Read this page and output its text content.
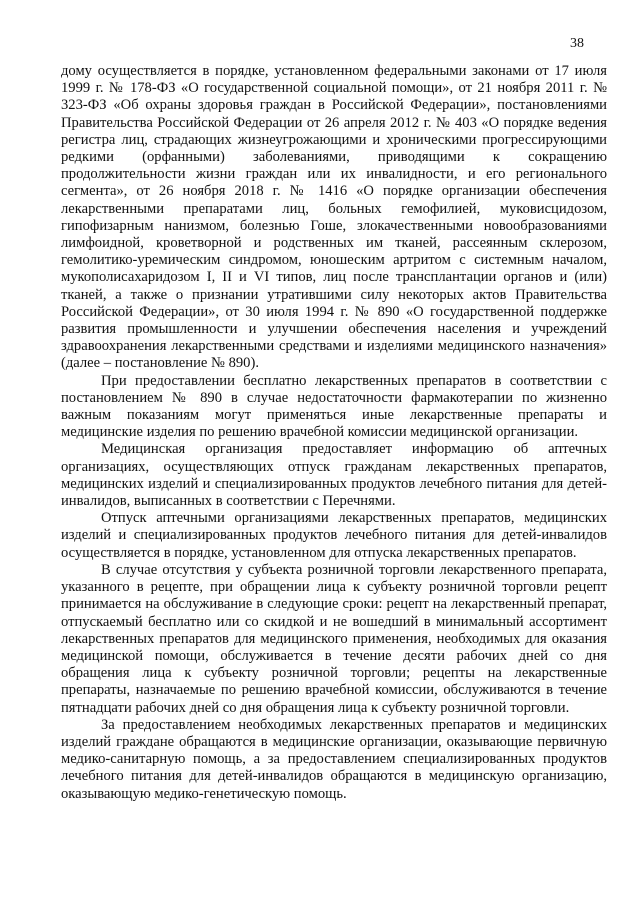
38

дому осуществляется в порядке, установленном федеральными законами от 17 июля 1999 г. № 178-ФЗ «О государственной социальной помощи», от 21 ноября 2011 г. № 323-ФЗ «Об охраны здоровья граждан в Российской Федерации», постановлениями Правительства Российской Федерации от 26 апреля 2012 г. № 403 «О порядке ведения регистра лиц, страдающих жизнеугрожающими и хроническими прогрессирующими редкими (орфанными) заболеваниями, приводящими к сокращению продолжительности жизни граждан или их инвалидности, и его регионального сегмента», от 26 ноября 2018 г. № 1416 «О порядке организации обеспечения лекарственными препаратами лиц, больных гемофилией, муковисцидозом, гипофизарным нанизмом, болезнью Гоше, злокачественными новообразованиями лимфоидной, кроветворной и родственных им тканей, рассеянным склерозом, гемолитико-уремическим синдромом, юношеским артритом с системным началом, мукополисахаридозом I, II и VI типов, лиц после трансплантации органов и (или) тканей, а также о признании утратившими силу некоторых актов Правительства Российской Федерации», от 30 июля 1994 г. № 890 «О государственной поддержке развития промышленности и улучшении обеспечения населения и учреждений здравоохранения лекарственными средствами и изделиями медицинского назначения» (далее – постановление № 890).

При предоставлении бесплатно лекарственных препаратов в соответствии с постановлением № 890 в случае недостаточности фармакотерапии по жизненно важным показаниям могут применяться иные лекарственные препараты и медицинские изделия по решению врачебной комиссии медицинской организации.

Медицинская организация предоставляет информацию об аптечных организациях, осуществляющих отпуск гражданам лекарственных препаратов, медицинских изделий и специализированных продуктов лечебного питания для детей-инвалидов, выписанных в соответствии с Перечнями.

Отпуск аптечными организациями лекарственных препаратов, медицинских изделий и специализированных продуктов лечебного питания для детей-инвалидов осуществляется в порядке, установленном для отпуска лекарственных препаратов.

В случае отсутствия у субъекта розничной торговли лекарственного препарата, указанного в рецепте, при обращении лица к субъекту розничной торговли рецепт принимается на обслуживание в следующие сроки: рецепт на лекарственный препарат, отпускаемый бесплатно или со скидкой и не вошедший в минимальный ассортимент лекарственных препаратов для медицинского применения, необходимых для оказания медицинской помощи, обслуживается в течение десяти рабочих дней со дня обращения лица к субъекту розничной торговли; рецепты на лекарственные препараты, назначаемые по решению врачебной комиссии, обслуживаются в течение пятнадцати рабочих дней со дня обращения лица к субъекту розничной торговли.

За предоставлением необходимых лекарственных препаратов и медицинских изделий граждане обращаются в медицинские организации, оказывающие первичную медико-санитарную помощь, а за предоставлением специализированных продуктов лечебного питания для детей-инвалидов обращаются в медицинскую организацию, оказывающую медико-генетическую помощь.
